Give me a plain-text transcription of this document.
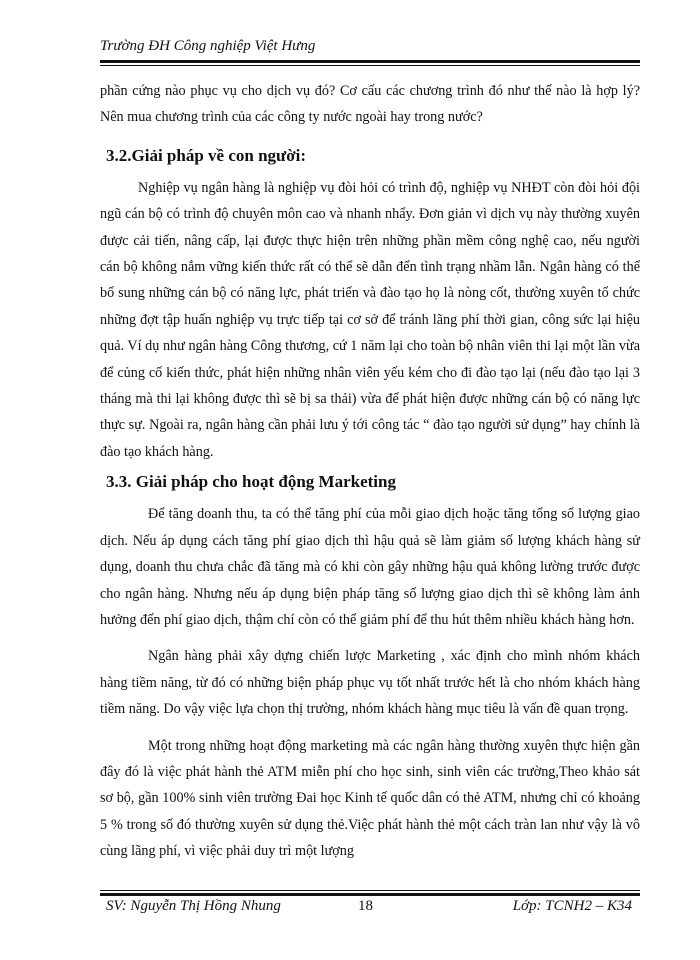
Trường ĐH Công nghiệp Việt Hưng

phần cứng nào phục vụ cho dịch vụ đó? Cơ cấu các chương trình đó như thế nào là hợp lý? Nên mua chương trình của các công ty nước ngoài hay trong nước?

3.2.Giải pháp về con người:

Nghiệp vụ ngân hàng là nghiệp vụ đòi hỏi có trình độ, nghiệp vụ NHĐT còn đòi hỏi đội ngũ cán bộ có trình độ chuyên môn cao và nhanh nhẩy. Đơn giản vì dịch vụ này thường xuyên được cải tiến, nâng cấp, lại được thực hiện trên những phần mềm công nghệ cao, nếu người cán bộ không nắm vững kiến thức rất có thể sẽ dẫn đến tình trạng nhầm lẫn. Ngân hàng có thể bổ sung những cán bộ có năng lực, phát triển và đào tạo họ là nòng cốt, thường xuyên tổ chức những đợt tập huấn nghiệp vụ trực tiếp tại cơ sở để tránh lãng phí thời gian, công sức lại hiệu quả. Ví dụ như ngân hàng Công thương, cứ 1 năm lại cho toàn bộ nhân viên thi lại một lần vừa để củng cố kiến thức, phát hiện những nhân viên yếu kém cho đi đào tạo lại (nếu đào tạo lại 3 tháng mà thi lại không được thì sẽ bị sa thải) vừa để phát hiện được những cán bộ có năng lực thực sự. Ngoài ra, ngân hàng cần phải lưu ý tới công tác “ đào tạo người sử dụng” hay chính là đào tạo khách hàng.

3.3. Giải pháp cho hoạt động Marketing

Để tăng doanh thu, ta có thể tăng phí của mỗi giao dịch hoặc tăng tổng số lượng giao dịch. Nếu áp dụng cách tăng phí giao dịch thì hậu quả sẽ làm giảm số lượng khách hàng sử dụng, doanh thu chưa chắc đã tăng mà có khi còn gây những hậu quả không lường trước được cho ngân hàng. Nhưng nếu áp dụng biện pháp tăng số lượng giao dịch thì sẽ không làm ảnh hưởng đến phí giao dịch, thậm chí còn có thể giảm phí để thu hút thêm nhiều khách hàng hơn.

Ngân hàng phải xây dựng chiến lược Marketing , xác định cho mình nhóm khách hàng tiềm năng, từ đó có những biện pháp phục vụ tốt nhất trước hết là cho nhóm khách hàng tiềm năng. Do vậy việc lựa chọn thị trường, nhóm khách hàng mục tiêu là vấn đề quan trọng.

Một trong những hoạt động marketing mà các ngân hàng thường xuyên thực hiện gần đây đó là việc phát hành thẻ ATM miễn phí cho học sinh, sinh viên các trường,Theo khảo sát sơ bộ, gần 100% sinh viên trường Đai học Kinh tế quốc dân có thẻ ATM, nhưng chỉ có khoảng 5 % trong số đó thường xuyên sử dụng thẻ.Việc phát hành thẻ một cách tràn lan như vậy là vô cùng lãng phí, vì việc phải duy trì một lượng

SV: Nguyễn Thị Hồng Nhung	18	Lớp: TCNH2 – K34
